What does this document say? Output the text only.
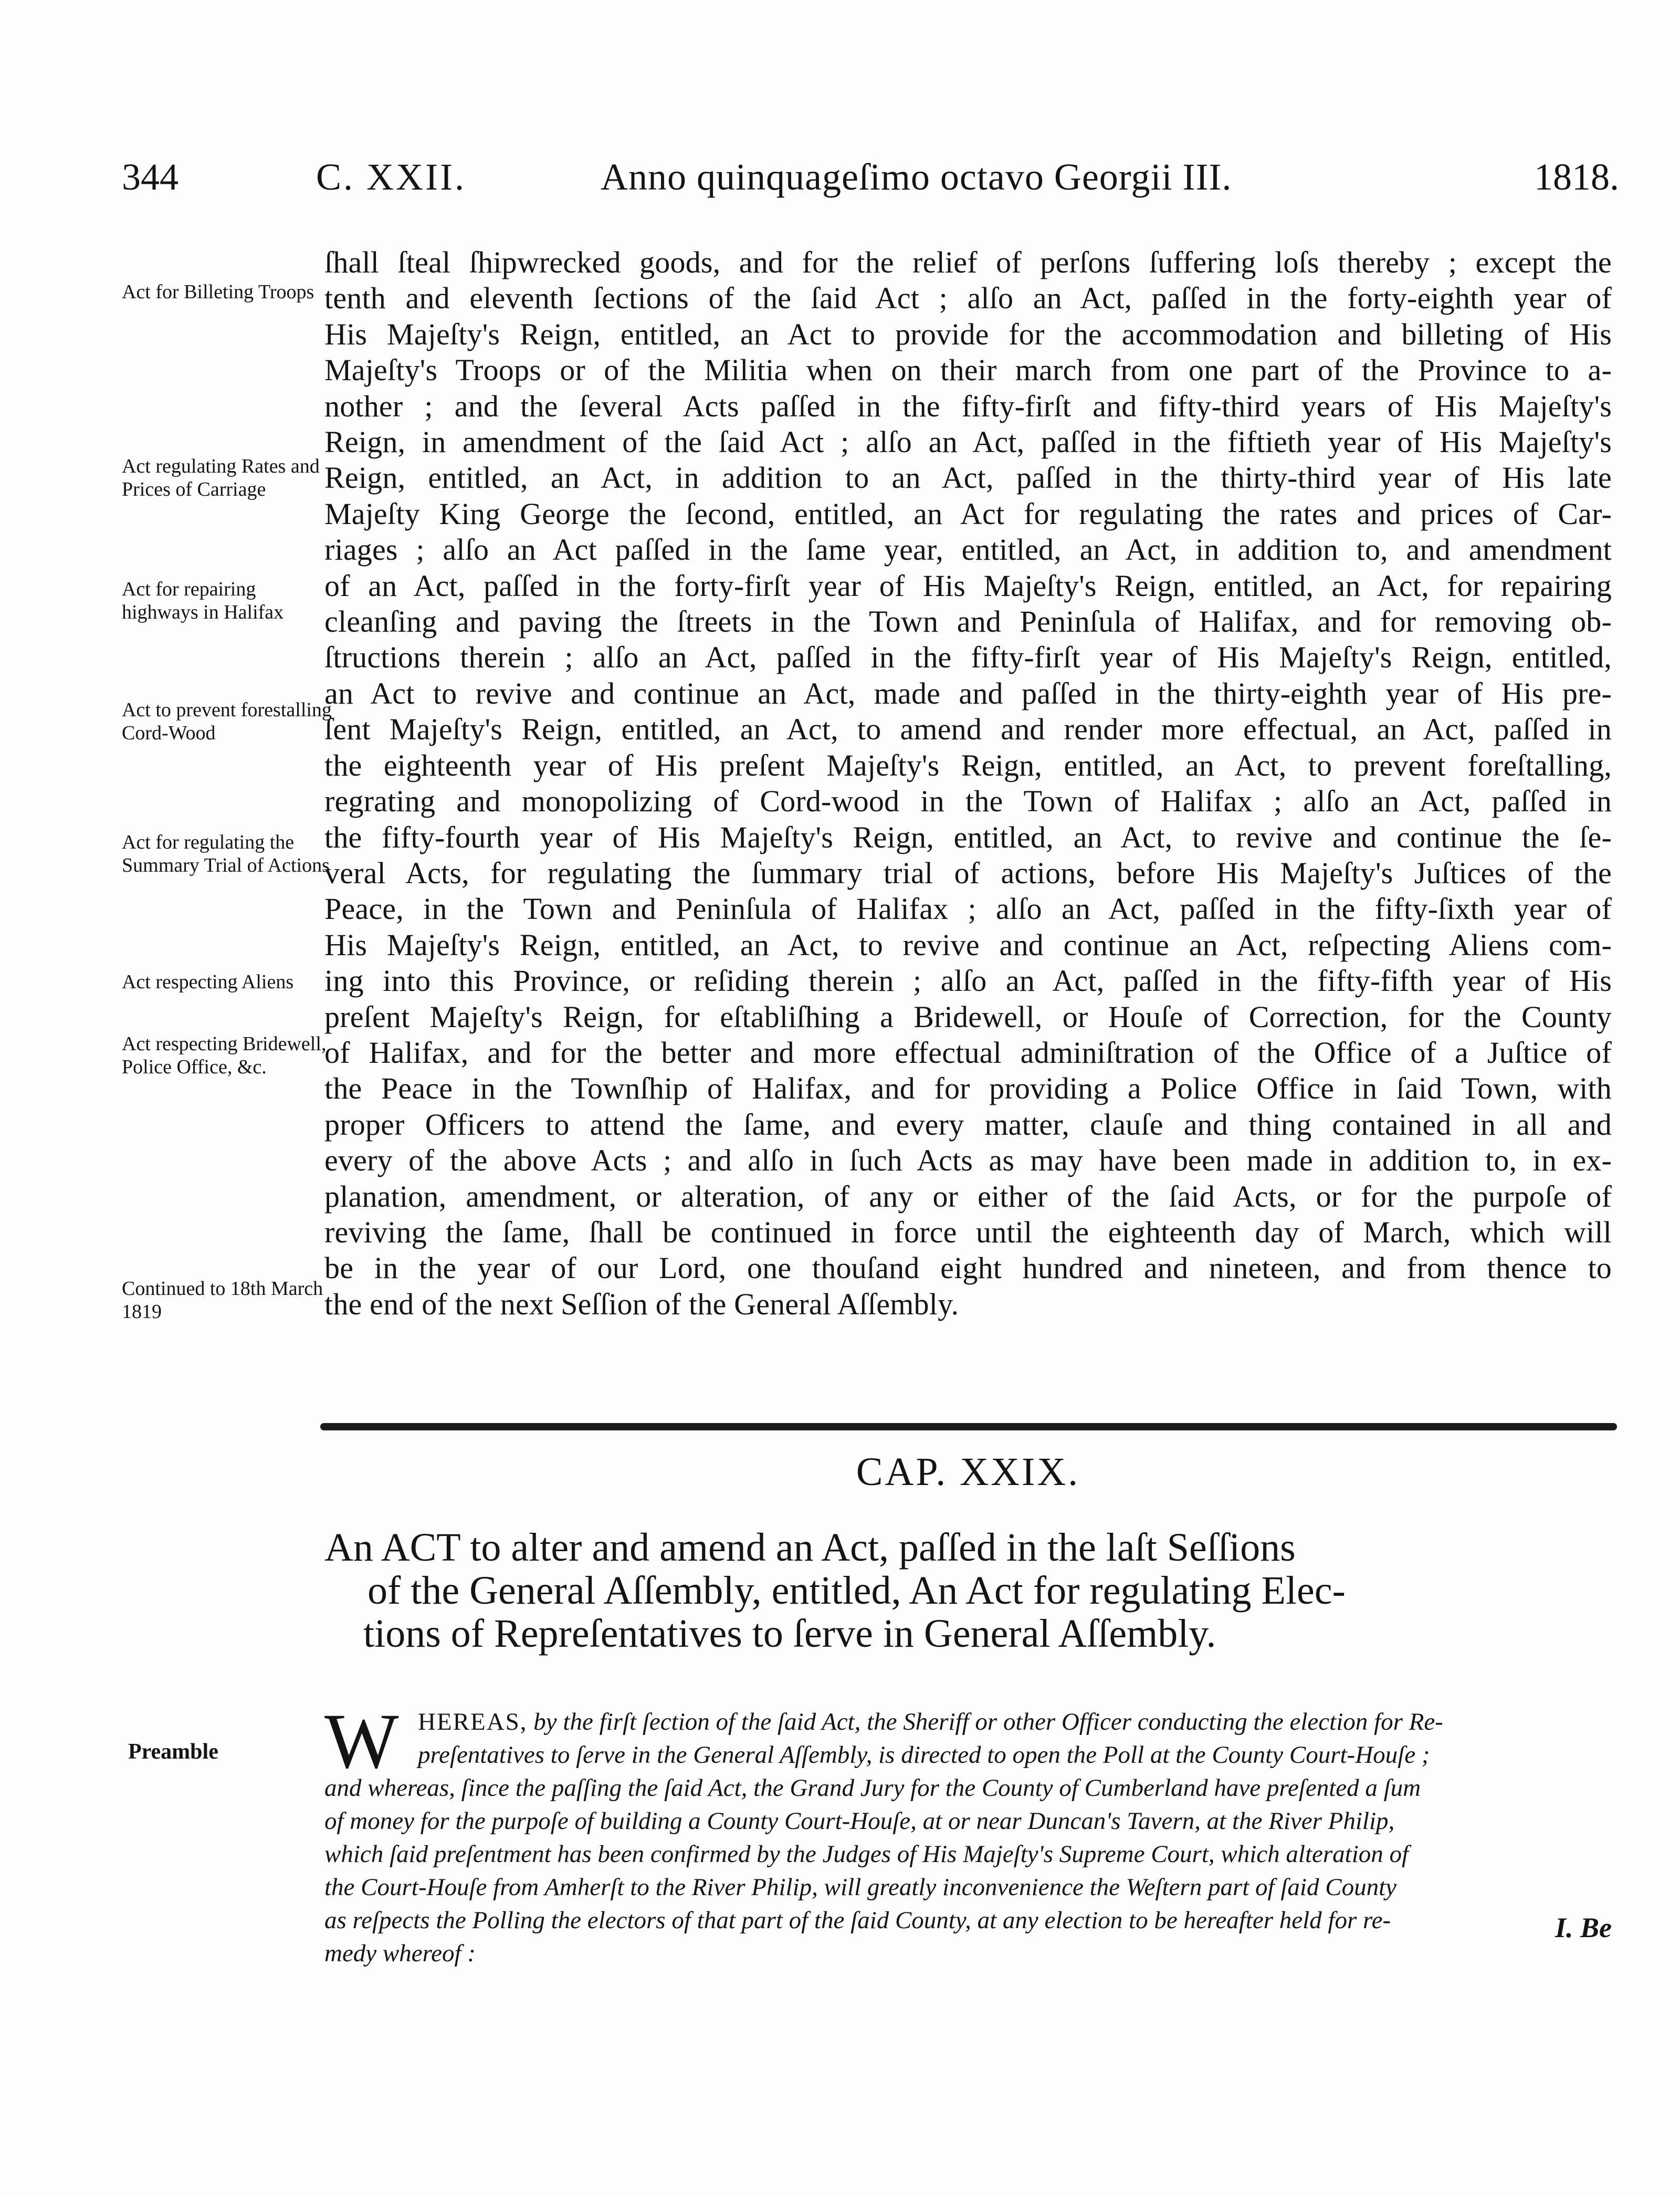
344	C. XXII.	Anno quinquageſimo octavo Georgii III.	1818.
Act for Billeting Troops
Act regulating Rates and Prices of Carriage
Act for repairing highways in Halifax
Act to prevent forestalling Cord-Wood
Act for regulating the Summary Trial of Actions
Act respecting Aliens
Act respecting Bridewell, Police Office, &c.
Continued to 18th March 1819
ſhall ſteal ſhipwrecked goods, and for the relief of perſons ſuffering loſs thereby ; except the
tenth and eleventh ſections of the ſaid Act ; alſo an Act, paſſed in the forty-eighth year of
His Majeſty's Reign, entitled, an Act to provide for the accommodation and billeting of His
Majeſty's Troops or of the Militia when on their march from one part of the Province to a-
nother ; and the ſeveral Acts paſſed in the fifty-firſt and fifty-third years of His Majeſty's
Reign, in amendment of the ſaid Act ; alſo an Act, paſſed in the fiftieth year of His Majeſty's
Reign, entitled, an Act, in addition to an Act, paſſed in the thirty-third year of His late
Majeſty King George the ſecond, entitled, an Act for regulating the rates and prices of Car-
riages ; alſo an Act paſſed in the ſame year, entitled, an Act, in addition to, and amendment
of an Act, paſſed in the forty-firſt year of His Majeſty's Reign, entitled, an Act, for repairing
cleanſing and paving the ſtreets in the Town and Peninſula of Halifax, and for removing ob-
ſtructions therein ; alſo an Act, paſſed in the fifty-firſt year of His Majeſty's Reign, entitled,
an Act to revive and continue an Act, made and paſſed in the thirty-eighth year of His pre-
ſent Majeſty's Reign, entitled, an Act, to amend and render more effectual, an Act, paſſed in
the eighteenth year of His preſent Majeſty's Reign, entitled, an Act, to prevent foreſtalling,
regrating and monopolizing of Cord-wood in the Town of Halifax ; alſo an Act, paſſed in
the fifty-fourth year of His Majeſty's Reign, entitled, an Act, to revive and continue the ſe-
veral Acts, for regulating the ſummary trial of actions, before His Majeſty's Juſtices of the
Peace, in the Town and Peninſula of Halifax ; alſo an Act, paſſed in the fifty-ſixth year of
His Majeſty's Reign, entitled, an Act, to revive and continue an Act, reſpecting Aliens com-
ing into this Province, or reſiding therein ; alſo an Act, paſſed in the fifty-fifth year of His
preſent Majeſty's Reign, for eſtabliſhing a Bridewell, or Houſe of Correction, for the County
of Halifax, and for the better and more effectual adminiſtration of the Office of a Juſtice of
the Peace in the Townſhip of Halifax, and for providing a Police Office in ſaid Town, with
proper Officers to attend the ſame, and every matter, clauſe and thing contained in all and
every of the above Acts ; and alſo in ſuch Acts as may have been made in addition to, in ex-
planation, amendment, or alteration, of any or either of the ſaid Acts, or for the purpoſe of
reviving the ſame, ſhall be continued in force until the eighteenth day of March, which will
be in the year of our Lord, one thouſand eight hundred and nineteen, and from thence to
the end of the next Seſſion of the General Aſſembly.
CAP. XXIX.
An ACT to alter and amend an Act, paſſed in the laſt Seſſions
of the General Aſſembly, entitled, An Act for regulating Elec-
tions of Repreſentatives to ſerve in General Aſſembly.
Preamble W HEREAS, by the firſt ſection of the ſaid Act, the Sheriff or other Officer conducting the election for Re-
preſentatives to ſerve in the General Aſſembly, is directed to open the Poll at the County Court-Houſe ;
and whereas, ſince the paſſing the ſaid Act, the Grand Jury for the County of Cumberland have preſented a ſum
of money for the purpoſe of building a County Court-Houſe, at or near Duncan's Tavern, at the River Philip,
which ſaid preſentment has been confirmed by the Judges of His Majeſty's Supreme Court, which alteration of
the Court-Houſe from Amherſt to the River Philip, will greatly inconvenience the Weſtern part of ſaid County
as reſpects the Polling the electors of that part of the ſaid County, at any election to be hereafter held for re-
medy whereof :
I. Be
